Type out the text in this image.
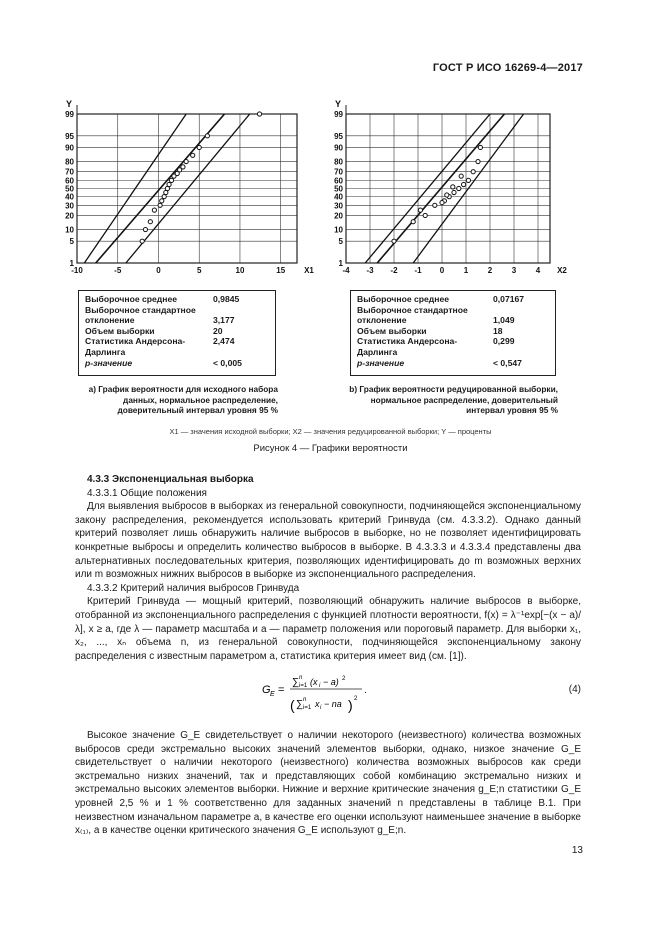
ГОСТ Р ИСО 16269-4—2017
1
5
10
20
30
40
50
60
70
80
90
95
99
-10	-5	0	5	10	15
Y
X1
1
5
10
20
30
40
50
60
70
80
90
95
99
-4 -3 -2 -1 0 1 2 3 4
Y
X2
Выборочное среднее	0,9845
Выборочное стандартное
отклонение	3,177
Объем выборки	20
Статистика Андерсона-Дарлинга
2,474
p-значение	< 0,005
Выборочное среднее	0,07167
Выборочное стандартное
отклонение	1,049
Объем выборки	18
Статистика Андерсона-Дарлинга
0,299
p-значение	< 0,547
а) График вероятности для исходного набора
данных, нормальное распределение,
доверительный интервал уровня 95 %
b) График вероятности редуцированной выборки,
нормальное распределение, доверительный
интервал уровня 95 %
X1 — значения исходной выборки; X2 — значения редуцированной выборки; Y — проценты
Рисунок 4 — Графики вероятности

4.3.3 Экспоненциальная выборка

4.3.3.1 Общие положения

Для выявления выбросов в выборках из генеральной совокупности, подчиняющейся экспоненциальному закону распределения, рекомендуется использовать критерий Гринвуда (см. 4.3.3.2). Однако данный критерий позволяет лишь обнаружить наличие выбросов в выборке, но не позволяет идентифицировать конкретные выбросы и определить количество выбросов в выборке. В 4.3.3.3 и 4.3.3.4 представлены два альтернативных последовательных критерия, позволяющих идентифицировать до m возможных верхних или m возможных нижних выбросов в выборке из экспоненциального распределения.

4.3.3.2 Критерий наличия выбросов Гринвуда

Критерий Гринвуда — мощный критерий, позволяющий обнаружить наличие выбросов в выборке, отобранной из экспоненциального распределения с функцией плотности вероятности, f(x) = λ⁻¹exp[−(x − a)/λ], x ≥ a, где λ — параметр масштаба и a — параметр положения или пороговый параметр. Для выборки x₁, x₂, ..., xₙ объема n, из генеральной совокупности, подчиняющейся экспоненциальному закону распределения с известным параметром a, статистика критерия имеет вид (см. [1]).

G E =
∑ n
i=1 (x i − a) 2
( ∑ n
i=1 x i − na ) 2
.	(4)
Высокое значение G_E свидетельствует о наличии некоторого (неизвестного) количества возможных выбросов среди экстремально высоких значений элементов выборки, однако, низкое значение G_E свидетельствует о наличии некоторого (неизвестного) количества возможных выбросов как среди экстремально низких значений, так и представляющих собой комбинацию экстремально низких и экстремально высоких элементов выборки. Нижние и верхние критические значения g_E;n статистики G_E уровней 2,5 % и 1 % соответственно для заданных значений n представлены в таблице В.1. При неизвестном изначальном параметре a, в качестве его оценки используют наименьшее значение в выборке x₍₁₎, а в качестве оценки критического значения G_E используют g_E;n.
13
